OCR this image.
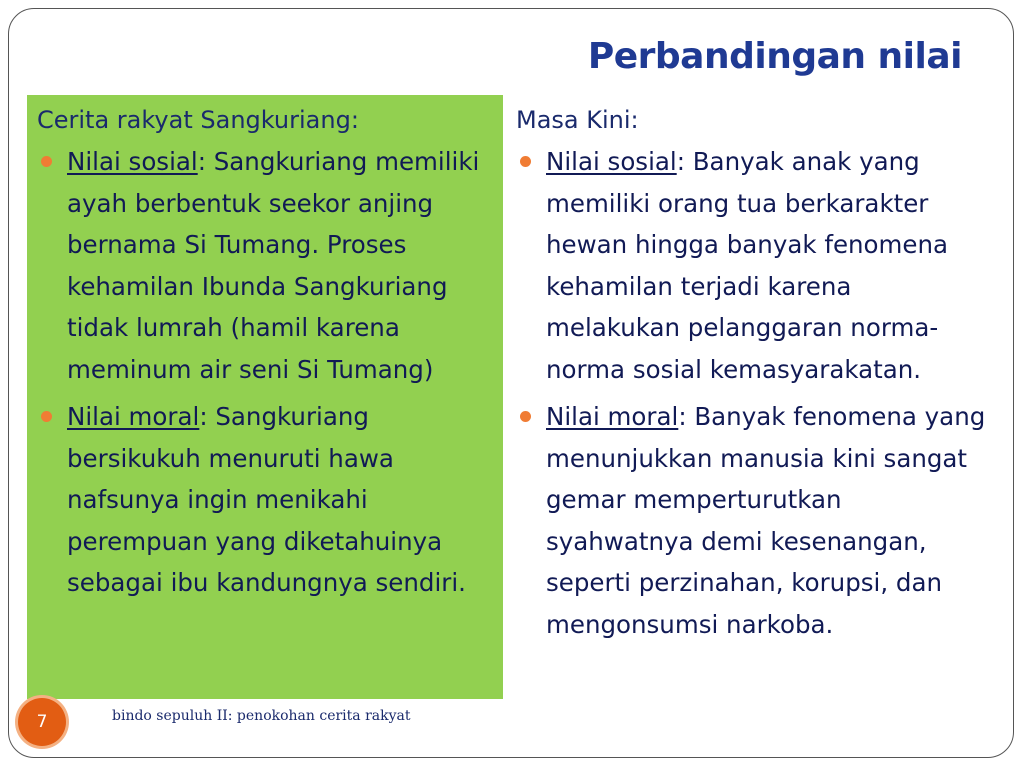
Perbandingan nilai
Cerita rakyat Sangkuriang:
Nilai sosial: Sangkuriang memiliki ayah berbentuk seekor anjing bernama Si Tumang. Proses kehamilan Ibunda Sangkuriang tidak lumrah (hamil karena meminum air seni Si Tumang)
Nilai moral: Sangkuriang bersikukuh menuruti hawa nafsunya ingin menikahi perempuan yang diketahuinya sebagai ibu kandungnya sendiri.
Masa Kini:
Nilai sosial: Banyak anak yang memiliki orang tua berkarakter hewan hingga banyak fenomena kehamilan terjadi karena melakukan pelanggaran norma-norma sosial kemasyarakatan.
Nilai moral: Banyak fenomena yang menunjukkan manusia kini sangat gemar memperturutkan syahwatnya demi kesenangan, seperti perzinahan, korupsi, dan mengonsumsi narkoba.
7	bindo sepuluh II: penokohan cerita rakyat
